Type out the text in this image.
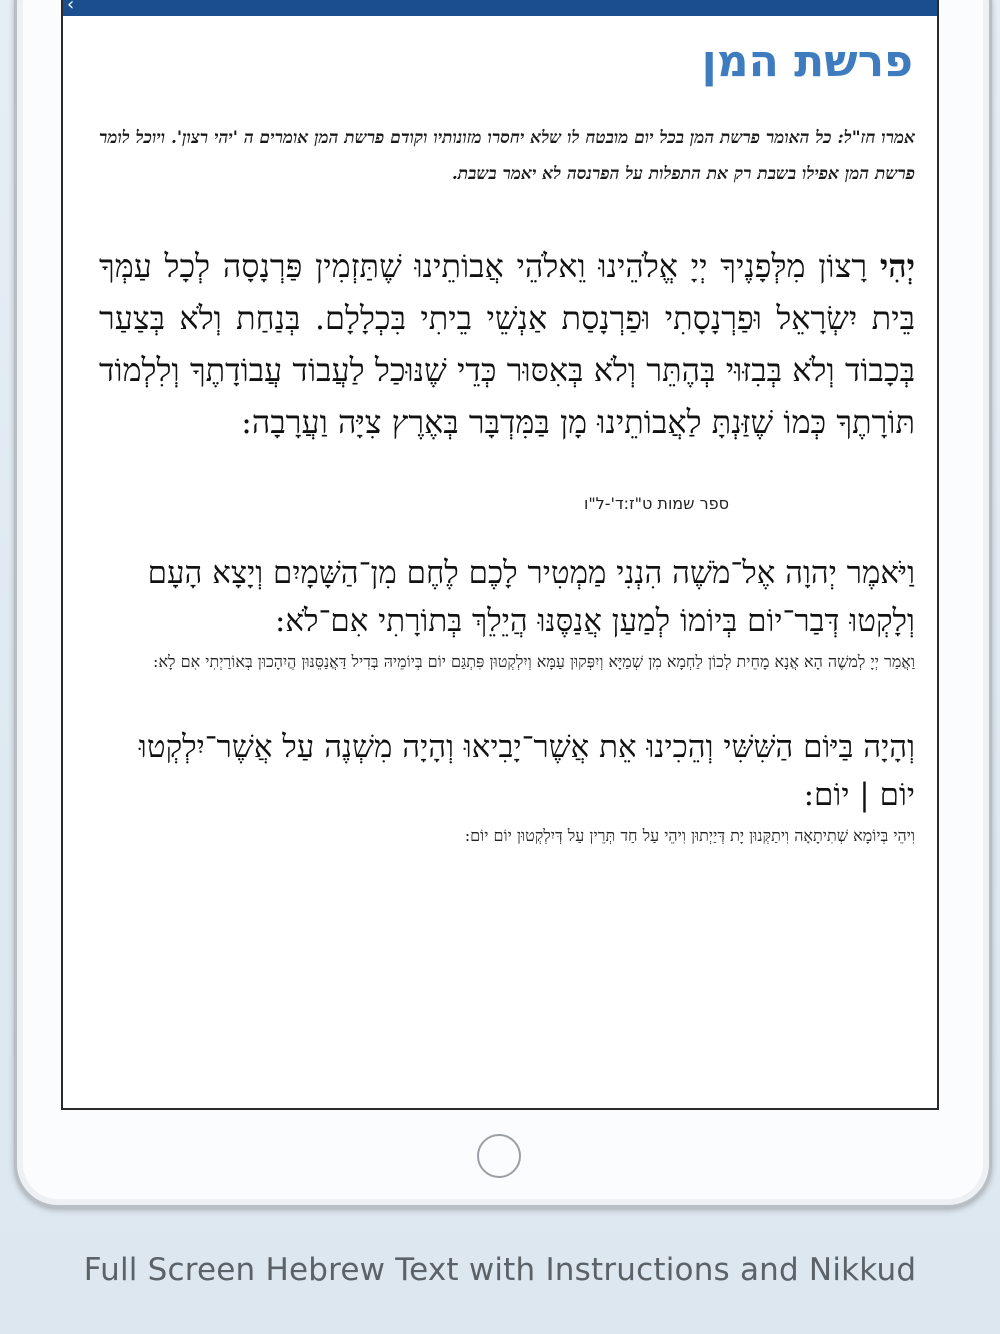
‹
פרשת המן
אמרו חז"ל: כל האומר פרשת המן בכל יום מובטח לו שלא יחסרו מזונותיו וקודם פרשת המן אומרים ה 'יהי רצון'. ויוכל לומר פרשת המן אפילו בשבת רק את התפלות על הפרנסה לא יאמר בשבת.
יְהִי רָצוֹן מִלְּפָנֶיךָ יְיָ אֱלֹהֵינוּ וֵאלֹהֵי אֲבוֹתֵינוּ שֶׁתַּזְמִין פַּרְנָסָה לְכָל עַמְּךָ בֵּית יִשְׂרָאֵל וּפַרְנָסָתִי וּפַרְנָסַת אַנְשֵׁי בֵיתִי בִּכְלָלָם. בְּנַחַת וְלֹא בְּצַעַר בְּכָבוֹד וְלֹא בְּבִזּוּי בְּהֶתֵּר וְלֹא בְּאִסּוּר כְּדֵי שֶׁנּוּכַל לַעֲבוֹד עֲבוֹדָתֶךָ וְלִלְמוֹד תּוֹרָתֶךָ כְּמוֹ שֶׁזַּנְתָּ לַאֲבוֹתֵינוּ מָן בַּמִּדְבָּר בְּאֶרֶץ צִיָּה וַעֲרָבָה:
ספר שמות ט"ז:ד'-ל"ו
וַיֹּאמֶר יְהוָה אֶל־מֹשֶׁה הִנְנִי מַמְטִיר לָכֶם לֶחֶם מִן־הַשָּׁמָיִם וְיָצָא הָעָם וְלָקְטוּ דְּבַר־יוֹם בְּיוֹמוֹ לְמַעַן אֲנַסֶּנּוּ הֲיֵלֵךְ בְּתוֹרָתִי אִם־לֹא:
וַאֲמַר יְיָ לְמשֶׁה הָא אֲנָא מָחֵית לְכוֹן לַחְמָא מִן שְׁמַיָּא וְיִפְּקוּן עַמָּא וְיִלְקְטוּן פִּתְגַּם יוֹם בְּיוֹמֵיהּ בְּדִיל דַּאֲנַסֵּנּוּן הֲיִהָכוּן בְּאוֹרַיְתִי אִם לָא:
וְהָיָה בַּיּוֹם הַשִּׁשִּׁי וְהֵכִינוּ אֵת אֲשֶׁר־יָבִיאוּ וְהָיָה מִשְׁנֶה עַל אֲשֶׁר־יִלְקְטוּ יוֹם | יוֹם:
וִיהֵי בְּיוֹמָא שְׁתִיתָאָה וִיתַקְּנוּן יָת דְּיַיְתוּן וִיהֵי עַל חַד תְּרֵין עַל דְּיִלְקְטוּן יוֹם יוֹם:
Full Screen Hebrew Text with Instructions and Nikkud
